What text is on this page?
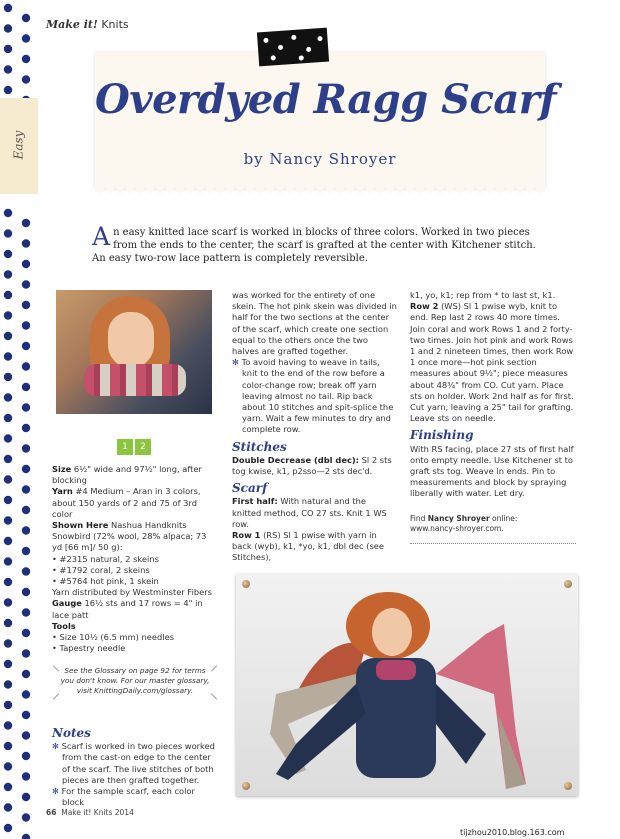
Make it! Knits
Easy
Overdyed Ragg Scarf
by Nancy Shroyer
An easy knitted lace scarf is worked in blocks of three colors. Worked in two pieces from the ends to the center, the scarf is grafted at the center with Kitchener stitch. An easy two-row lace pattern is completely reversible.
1 2
Size 6½" wide and 97½" long, after blocking
Yarn #4 Medium – Aran in 3 colors, about 150 yards of 2 and 75 of 3rd color
Shown Here Nashua Handknits Snowbird (72% wool, 28% alpaca; 73 yd [66 m]/ 50 g):
• #2315 natural, 2 skeins
• #1792 coral, 2 skeins
• #5764 hot pink, 1 skein
Yarn distributed by Westminster Fibers
Gauge 16½ sts and 17 rows = 4" in lace patt
Tools
• Size 10½ (6.5 mm) needles
• Tapestry needle
See the Glossary on page 92 for terms you don't know. For our master glossary, visit KnittingDaily.com/glossary.
Notes
✻ Scarf is worked in two pieces worked from the cast-on edge to the center of the scarf. The live stitches of both pieces are then grafted together.
✻ For the sample scarf, each color block
was worked for the entirety of one skein. The hot pink skein was divided in half for the two sections at the center of the scarf, which create one section equal to the others once the two halves are grafted together.
✻ To avoid having to weave in tails, knit to the end of the row before a color-change row; break off yarn leaving almost no tail. Rip back about 10 stitches and spit-splice the yarn. Wait a few minutes to dry and complete row.
Stitches
Double Decrease (dbl dec): Sl 2 sts tog kwise, k1, p2sso—2 sts dec'd.
Scarf
First half: With natural and the knitted method, CO 27 sts. Knit 1 WS row.
Row 1 (RS) Sl 1 pwise with yarn in back (wyb), k1, *yo, k1, dbl dec (see Stitches),
k1, yo, k1; rep from * to last st, k1.
Row 2 (WS) Sl 1 pwise wyb, knit to end. Rep last 2 rows 40 more times. Join coral and work Rows 1 and 2 forty-two times. Join hot pink and work Rows 1 and 2 nineteen times, then work Row 1 once more—hot pink section measures about 9½"; piece measures about 48¾" from CO. Cut yarn. Place sts on holder. Work 2nd half as for first. Cut yarn, leaving a 25" tail for grafting. Leave sts on needle.
Finishing
With RS facing, place 27 sts of first half onto empty needle. Use Kitchener st to graft sts tog. Weave in ends. Pin to measurements and block by spraying liberally with water. Let dry.
Find Nancy Shroyer online:
www.nancy-shroyer.com.
66 Make it! Knits 2014
tijzhou2010.blog.163.com
